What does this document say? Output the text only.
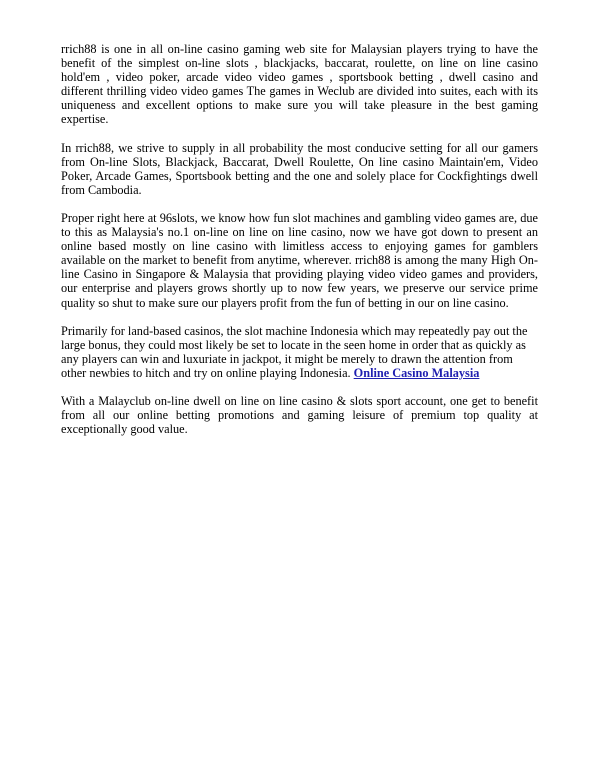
rrich88 is one in all on-line casino gaming web site for Malaysian players trying to have the benefit of the simplest on-line slots , blackjacks, baccarat, roulette, on line on line casino hold'em , video poker, arcade video video games , sportsbook betting , dwell casino and different thrilling video video games The games in Weclub are divided into suites, each with its uniqueness and excellent options to make sure you will take pleasure in the best gaming expertise.

In rrich88, we strive to supply in all probability the most conducive setting for all our gamers from On-line Slots, Blackjack, Baccarat, Dwell Roulette, On line casino Maintain'em, Video Poker, Arcade Games, Sportsbook betting and the one and solely place for Cockfightings dwell from Cambodia.

Proper right here at 96slots, we know how fun slot machines and gambling video games are, due to this as Malaysia's no.1 on-line on line on line casino, now we have got down to present an online based mostly on line casino with limitless access to enjoying games for gamblers available on the market to benefit from anytime, wherever. rrich88 is among the many High On-line Casino in Singapore & Malaysia that providing playing video video games and providers, our enterprise and players grows shortly up to now few years, we preserve our service prime quality so shut to make sure our players profit from the fun of betting in our on line casino.

Primarily for land-based casinos, the slot machine Indonesia which may repeatedly pay out the large bonus, they could most likely be set to locate in the seen home in order that as quickly as any players can win and luxuriate in jackpot, it might be merely to drawn the attention from other newbies to hitch and try on online playing Indonesia. Online Casino Malaysia

With a Malayclub on-line dwell on line on line casino & slots sport account, one get to benefit from all our online betting promotions and gaming leisure of premium top quality at exceptionally good value.
